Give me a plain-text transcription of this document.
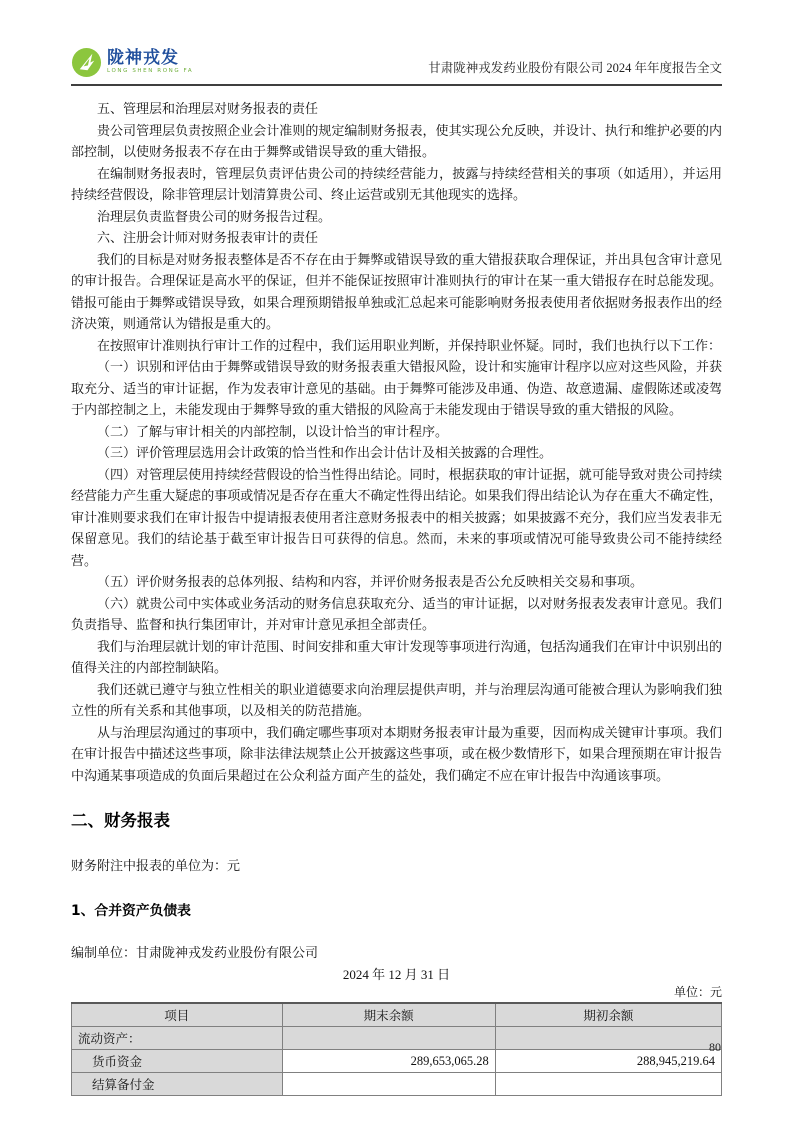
陇神戎发
LONG SHEN RONG FA	甘肃陇神戎发药业股份有限公司 2024 年年度报告全文

五、管理层和治理层对财务报表的责任

贵公司管理层负责按照企业会计准则的规定编制财务报表，使其实现公允反映，并设计、执行和维护必要的内部控制，以使财务报表不存在由于舞弊或错误导致的重大错报。

在编制财务报表时，管理层负责评估贵公司的持续经营能力，披露与持续经营相关的事项（如适用），并运用持续经营假设，除非管理层计划清算贵公司、终止运营或别无其他现实的选择。

治理层负责监督贵公司的财务报告过程。

六、注册会计师对财务报表审计的责任

我们的目标是对财务报表整体是否不存在由于舞弊或错误导致的重大错报获取合理保证，并出具包含审计意见的审计报告。合理保证是高水平的保证，但并不能保证按照审计准则执行的审计在某一重大错报存在时总能发现。错报可能由于舞弊或错误导致，如果合理预期错报单独或汇总起来可能影响财务报表使用者依据财务报表作出的经济决策，则通常认为错报是重大的。

在按照审计准则执行审计工作的过程中，我们运用职业判断，并保持职业怀疑。同时，我们也执行以下工作：

（一）识别和评估由于舞弊或错误导致的财务报表重大错报风险，设计和实施审计程序以应对这些风险，并获取充分、适当的审计证据，作为发表审计意见的基础。由于舞弊可能涉及串通、伪造、故意遗漏、虚假陈述或凌驾于内部控制之上，未能发现由于舞弊导致的重大错报的风险高于未能发现由于错误导致的重大错报的风险。

（二）了解与审计相关的内部控制，以设计恰当的审计程序。

（三）评价管理层选用会计政策的恰当性和作出会计估计及相关披露的合理性。

（四）对管理层使用持续经营假设的恰当性得出结论。同时，根据获取的审计证据，就可能导致对贵公司持续经营能力产生重大疑虑的事项或情况是否存在重大不确定性得出结论。如果我们得出结论认为存在重大不确定性，审计准则要求我们在审计报告中提请报表使用者注意财务报表中的相关披露；如果披露不充分，我们应当发表非无保留意见。我们的结论基于截至审计报告日可获得的信息。然而，未来的事项或情况可能导致贵公司不能持续经营。

（五）评价财务报表的总体列报、结构和内容，并评价财务报表是否公允反映相关交易和事项。

（六）就贵公司中实体或业务活动的财务信息获取充分、适当的审计证据，以对财务报表发表审计意见。我们负责指导、监督和执行集团审计，并对审计意见承担全部责任。

我们与治理层就计划的审计范围、时间安排和重大审计发现等事项进行沟通，包括沟通我们在审计中识别出的值得关注的内部控制缺陷。

我们还就已遵守与独立性相关的职业道德要求向治理层提供声明，并与治理层沟通可能被合理认为影响我们独立性的所有关系和其他事项，以及相关的防范措施。

从与治理层沟通过的事项中，我们确定哪些事项对本期财务报表审计最为重要，因而构成关键审计事项。我们在审计报告中描述这些事项，除非法律法规禁止公开披露这些事项，或在极少数情形下，如果合理预期在审计报告中沟通某事项造成的负面后果超过在公众利益方面产生的益处，我们确定不应在审计报告中沟通该事项。

二、财务报表

财务附注中报表的单位为：元

1、合并资产负债表

编制单位：甘肃陇神戎发药业股份有限公司

2024 年 12 月 31 日

单位：元

项目	期末余额	期初余额
流动资产：		
货币资金	289,653,065.28	288,945,219.64
结算备付金		
80
